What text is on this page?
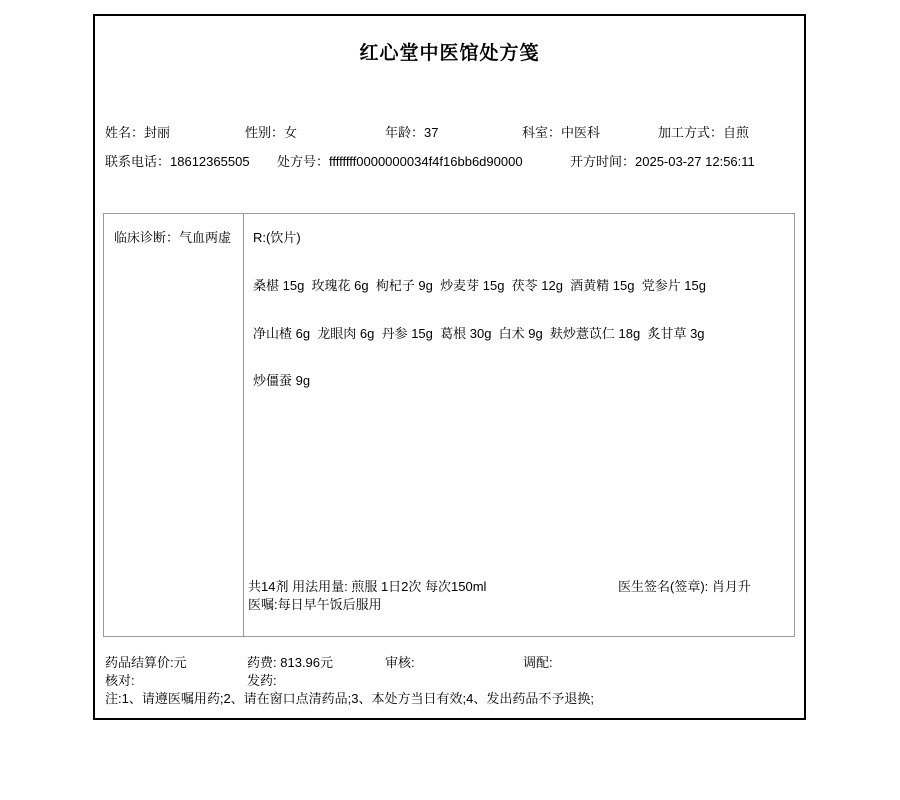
红心堂中医馆处方笺
姓名：封丽	性别：女	年龄：37	科室：中医科	加工方式：自煎
联系电话：18612365505 处方号：ffffffff0000000034f4f16bb6d90000	开方时间：2025-03-27 12:56:11
临床诊断：气血两虚 R:(饮片)
桑椹 15g  玫瑰花 6g  枸杞子 9g  炒麦芽 15g  茯苓 12g  酒黄精 15g  党参片 15g
净山楂 6g  龙眼肉 6g  丹参 15g  葛根 30g  白术 9g  麸炒薏苡仁 18g  炙甘草 3g
炒僵蚕 9g
共14剂 用法用量: 煎服 1日2次 每次150ml
医嘱:每日早午饭后服用
医生签名(签章): 肖月升
药品结算价:元	药费: 813.96元	审核:	调配:
核对:	发药:
注:1、请遵医嘱用药;2、请在窗口点清药品;3、本处方当日有效;4、发出药品不予退换;
